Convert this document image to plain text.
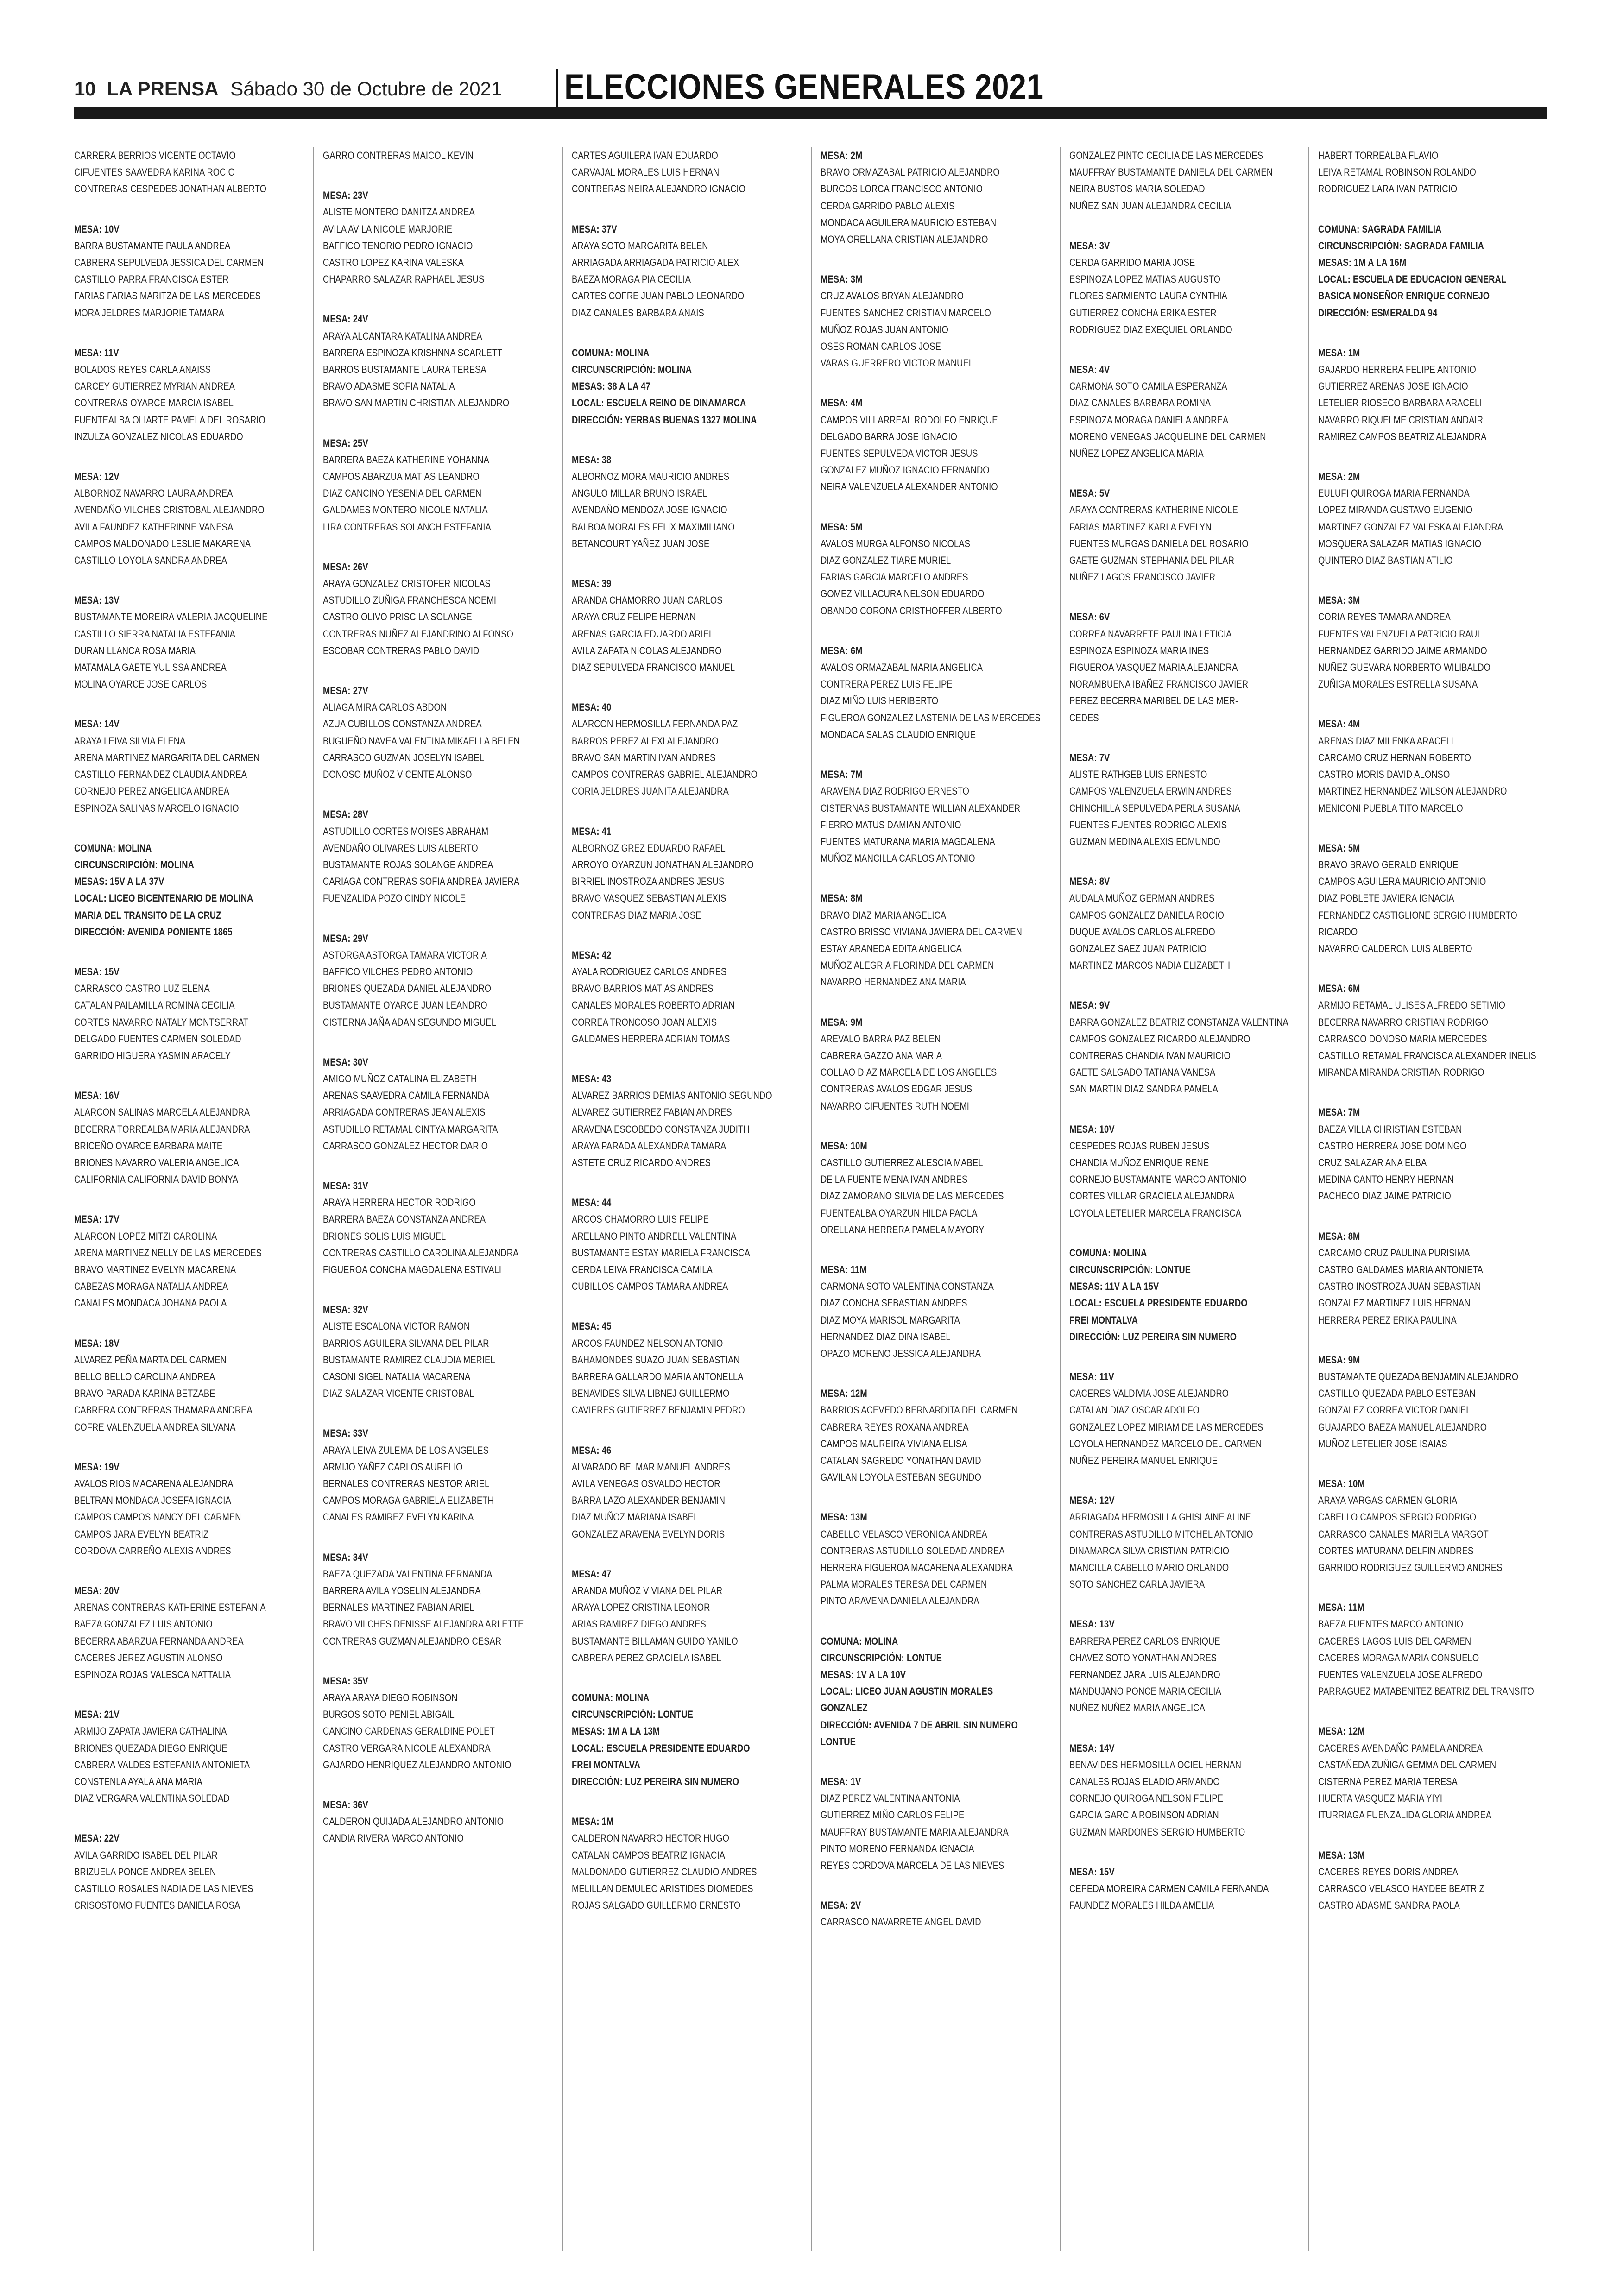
10 LA PRENSA Sábado 30 de Octubre de 2021 ELECCIONES GENERALES 2021
CARRERA BERRIOS VICENTE OCTAVIO
CIFUENTES SAAVEDRA KARINA ROCIO
CONTRERAS CESPEDES JONATHAN ALBERTO
MESA: 10V
BARRA BUSTAMANTE PAULA ANDREA
CABRERA SEPULVEDA JESSICA DEL CARMEN
CASTILLO PARRA FRANCISCA ESTER
FARIAS FARIAS MARITZA DE LAS MERCEDES
MORA JELDRES MARJORIE TAMARA
MESA: 11V
BOLADOS REYES CARLA ANAISS
CARCEY GUTIERREZ MYRIAN ANDREA
CONTRERAS OYARCE MARCIA ISABEL
FUENTEALBA OLIARTE PAMELA DEL ROSARIO
INZULZA GONZALEZ NICOLAS EDUARDO
MESA: 12V
ALBORNOZ NAVARRO LAURA ANDREA
AVENDAÑO VILCHES CRISTOBAL ALEJANDRO
AVILA FAUNDEZ KATHERINNE VANESA
CAMPOS MALDONADO LESLIE MAKARENA
CASTILLO LOYOLA SANDRA ANDREA
MESA: 13V
BUSTAMANTE MOREIRA VALERIA JACQUELINE
CASTILLO SIERRA NATALIA ESTEFANIA
DURAN LLANCA ROSA MARIA
MATAMALA GAETE YULISSA ANDREA
MOLINA OYARCE JOSE CARLOS
MESA: 14V
ARAYA LEIVA SILVIA ELENA
ARENA MARTINEZ MARGARITA DEL CARMEN
CASTILLO FERNANDEZ CLAUDIA ANDREA
CORNEJO PEREZ ANGELICA ANDREA
ESPINOZA SALINAS MARCELO IGNACIO
COMUNA: MOLINA
CIRCUNSCRIPCIÓN: MOLINA
MESAS: 15V A LA 37V
LOCAL: LICEO BICENTENARIO DE MOLINA
MARIA DEL TRANSITO DE LA CRUZ
DIRECCIÓN: AVENIDA PONIENTE 1865
MESA: 15V
CARRASCO CASTRO LUZ ELENA
CATALAN PAILAMILLA ROMINA CECILIA
CORTES NAVARRO NATALY MONTSERRAT
DELGADO FUENTES CARMEN SOLEDAD
GARRIDO HIGUERA YASMIN ARACELY
MESA: 16V
ALARCON SALINAS MARCELA ALEJANDRA
BECERRA TORREALBA MARIA ALEJANDRA
BRICEÑO OYARCE BARBARA MAITE
BRIONES NAVARRO VALERIA ANGELICA
CALIFORNIA CALIFORNIA DAVID BONYA
MESA: 17V
ALARCON LOPEZ MITZI CAROLINA
ARENA MARTINEZ NELLY DE LAS MERCEDES
BRAVO MARTINEZ EVELYN MACARENA
CABEZAS MORAGA NATALIA ANDREA
CANALES MONDACA JOHANA PAOLA
MESA: 18V
ALVAREZ PEÑA MARTA DEL CARMEN
BELLO BELLO CAROLINA ANDREA
BRAVO PARADA KARINA BETZABE
CABRERA CONTRERAS THAMARA ANDREA
COFRE VALENZUELA ANDREA SILVANA
MESA: 19V
AVALOS RIOS MACARENA ALEJANDRA
BELTRAN MONDACA JOSEFA IGNACIA
CAMPOS CAMPOS NANCY DEL CARMEN
CAMPOS JARA EVELYN BEATRIZ
CORDOVA CARREÑO ALEXIS ANDRES
MESA: 20V
ARENAS CONTRERAS KATHERINE ESTEFANIA
BAEZA GONZALEZ LUIS ANTONIO
BECERRA ABARZUA FERNANDA ANDREA
CACERES JEREZ AGUSTIN ALONSO
ESPINOZA ROJAS VALESCA NATTALIA
MESA: 21V
ARMIJO ZAPATA JAVIERA CATHALINA
BRIONES QUEZADA DIEGO ENRIQUE
CABRERA VALDES ESTEFANIA ANTONIETA
CONSTENLA AYALA ANA MARIA
DIAZ VERGARA VALENTINA SOLEDAD
MESA: 22V
AVILA GARRIDO ISABEL DEL PILAR
BRIZUELA PONCE ANDREA BELEN
CASTILLO ROSALES NADIA DE LAS NIEVES
CRISOSTOMO FUENTES DANIELA ROSA
GARRO CONTRERAS MAICOL KEVIN
MESA: 23V
ALISTE MONTERO DANITZA ANDREA
AVILA AVILA NICOLE MARJORIE
BAFFICO TENORIO PEDRO IGNACIO
CASTRO LOPEZ KARINA VALESKA
CHAPARRO SALAZAR RAPHAEL JESUS
MESA: 24V
ARAYA ALCANTARA KATALINA ANDREA
BARRERA ESPINOZA KRISHNNA SCARLETT
BARROS BUSTAMANTE LAURA TERESA
BRAVO ADASME SOFIA NATALIA
BRAVO SAN MARTIN CHRISTIAN ALEJANDRO
MESA: 25V
BARRERA BAEZA KATHERINE YOHANNA
CAMPOS ABARZUA MATIAS LEANDRO
DIAZ CANCINO YESENIA DEL CARMEN
GALDAMES MONTERO NICOLE NATALIA
LIRA CONTRERAS SOLANCH ESTEFANIA
MESA: 26V
ARAYA GONZALEZ CRISTOFER NICOLAS
ASTUDILLO ZUÑIGA FRANCHESCA NOEMI
CASTRO OLIVO PRISCILA SOLANGE
CONTRERAS NUÑEZ ALEJANDRINO ALFONSO
ESCOBAR CONTRERAS PABLO DAVID
MESA: 27V
ALIAGA MIRA CARLOS ABDON
AZUA CUBILLOS CONSTANZA ANDREA
BUGUEÑO NAVEA VALENTINA MIKAELLA BELEN
CARRASCO GUZMAN JOSELYN ISABEL
DONOSO MUÑOZ VICENTE ALONSO
MESA: 28V
ASTUDILLO CORTES MOISES ABRAHAM
AVENDAÑO OLIVARES LUIS ALBERTO
BUSTAMANTE ROJAS SOLANGE ANDREA
CARIAGA CONTRERAS SOFIA ANDREA JAVIERA
FUENZALIDA POZO CINDY NICOLE
MESA: 29V
ASTORGA ASTORGA TAMARA VICTORIA
BAFFICO VILCHES PEDRO ANTONIO
BRIONES QUEZADA DANIEL ALEJANDRO
BUSTAMANTE OYARCE JUAN LEANDRO
CISTERNA JAÑA ADAN SEGUNDO MIGUEL
MESA: 30V
AMIGO MUÑOZ CATALINA ELIZABETH
ARENAS SAAVEDRA CAMILA FERNANDA
ARRIAGADA CONTRERAS JEAN ALEXIS
ASTUDILLO RETAMAL CINTYA MARGARITA
CARRASCO GONZALEZ HECTOR DARIO
MESA: 31V
ARAYA HERRERA HECTOR RODRIGO
BARRERA BAEZA CONSTANZA ANDREA
BRIONES SOLIS LUIS MIGUEL
CONTRERAS CASTILLO CAROLINA ALEJANDRA
FIGUEROA CONCHA MAGDALENA ESTIVALI
MESA: 32V
ALISTE ESCALONA VICTOR RAMON
BARRIOS AGUILERA SILVANA DEL PILAR
BUSTAMANTE RAMIREZ CLAUDIA MERIEL
CASONI SIGEL NATALIA MACARENA
DIAZ SALAZAR VICENTE CRISTOBAL
MESA: 33V
ARAYA LEIVA ZULEMA DE LOS ANGELES
ARMIJO YAÑEZ CARLOS AURELIO
BERNALES CONTRERAS NESTOR ARIEL
CAMPOS MORAGA GABRIELA ELIZABETH
CANALES RAMIREZ EVELYN KARINA
MESA: 34V
BAEZA QUEZADA VALENTINA FERNANDA
BARRERA AVILA YOSELIN ALEJANDRA
BERNALES MARTINEZ FABIAN ARIEL
BRAVO VILCHES DENISSE ALEJANDRA ARLETTE
CONTRERAS GUZMAN ALEJANDRO CESAR
MESA: 35V
ARAYA ARAYA DIEGO ROBINSON
BURGOS SOTO PENIEL ABIGAIL
CANCINO CARDENAS GERALDINE POLET
CASTRO VERGARA NICOLE ALEXANDRA
GAJARDO HENRIQUEZ ALEJANDRO ANTONIO
MESA: 36V
CALDERON QUIJADA ALEJANDRO ANTONIO
CANDIA RIVERA MARCO ANTONIO
CARTES AGUILERA IVAN EDUARDO
CARVAJAL MORALES LUIS HERNAN
CONTRERAS NEIRA ALEJANDRO IGNACIO
MESA: 37V
ARAYA SOTO MARGARITA BELEN
ARRIAGADA ARRIAGADA PATRICIO ALEX
BAEZA MORAGA PIA CECILIA
CARTES COFRE JUAN PABLO LEONARDO
DIAZ CANALES BARBARA ANAIS
COMUNA: MOLINA
CIRCUNSCRIPCIÓN: MOLINA
MESAS: 38 A LA 47
LOCAL: ESCUELA REINO DE DINAMARCA
DIRECCIÓN: YERBAS BUENAS 1327 MOLINA
MESA: 38
ALBORNOZ MORA MAURICIO ANDRES
ANGULO MILLAR BRUNO ISRAEL
AVENDAÑO MENDOZA JOSE IGNACIO
BALBOA MORALES FELIX MAXIMILIANO
BETANCOURT YAÑEZ JUAN JOSE
MESA: 39
ARANDA CHAMORRO JUAN CARLOS
ARAYA CRUZ FELIPE HERNAN
ARENAS GARCIA EDUARDO ARIEL
AVILA ZAPATA NICOLAS ALEJANDRO
DIAZ SEPULVEDA FRANCISCO MANUEL
MESA: 40
ALARCON HERMOSILLA FERNANDA PAZ
BARROS PEREZ ALEXI ALEJANDRO
BRAVO SAN MARTIN IVAN ANDRES
CAMPOS CONTRERAS GABRIEL ALEJANDRO
CORIA JELDRES JUANITA ALEJANDRA
MESA: 41
ALBORNOZ GREZ EDUARDO RAFAEL
ARROYO OYARZUN JONATHAN ALEJANDRO
BIRRIEL INOSTROZA ANDRES JESUS
BRAVO VASQUEZ SEBASTIAN ALEXIS
CONTRERAS DIAZ MARIA JOSE
MESA: 42
AYALA RODRIGUEZ CARLOS ANDRES
BRAVO BARRIOS MATIAS ANDRES
CANALES MORALES ROBERTO ADRIAN
CORREA TRONCOSO JOAN ALEXIS
GALDAMES HERRERA ADRIAN TOMAS
MESA: 43
ALVAREZ BARRIOS DEMIAS ANTONIO SEGUNDO
ALVAREZ GUTIERREZ FABIAN ANDRES
ARAVENA ESCOBEDO CONSTANZA JUDITH
ARAYA PARADA ALEXANDRA TAMARA
ASTETE CRUZ RICARDO ANDRES
MESA: 44
ARCOS CHAMORRO LUIS FELIPE
ARELLANO PINTO ANDRELL VALENTINA
BUSTAMANTE ESTAY MARIELA FRANCISCA
CERDA LEIVA FRANCISCA CAMILA
CUBILLOS CAMPOS TAMARA ANDREA
MESA: 45
ARCOS FAUNDEZ NELSON ANTONIO
BAHAMONDES SUAZO JUAN SEBASTIAN
BARRERA GALLARDO MARIA ANTONELLA
BENAVIDES SILVA LIBNEJ GUILLERMO
CAVIERES GUTIERREZ BENJAMIN PEDRO
MESA: 46
ALVARADO BELMAR MANUEL ANDRES
AVILA VENEGAS OSVALDO HECTOR
BARRA LAZO ALEXANDER BENJAMIN
DIAZ MUÑOZ MARIANA ISABEL
GONZALEZ ARAVENA EVELYN DORIS
MESA: 47
ARANDA MUÑOZ VIVIANA DEL PILAR
ARAYA LOPEZ CRISTINA LEONOR
ARIAS RAMIREZ DIEGO ANDRES
BUSTAMANTE BILLAMAN GUIDO YANILO
CABRERA PEREZ GRACIELA ISABEL
COMUNA: MOLINA
CIRCUNSCRIPCIÓN: LONTUE
MESAS: 1M A LA 13M
LOCAL: ESCUELA PRESIDENTE EDUARDO
FREI MONTALVA
DIRECCIÓN: LUZ PEREIRA SIN NUMERO
MESA: 1M
CALDERON NAVARRO HECTOR HUGO
CATALAN CAMPOS BEATRIZ IGNACIA
MALDONADO GUTIERREZ CLAUDIO ANDRES
MELILLAN DEMULEO ARISTIDES DIOMEDES
ROJAS SALGADO GUILLERMO ERNESTO
MESA: 2M
BRAVO ORMAZABAL PATRICIO ALEJANDRO
BURGOS LORCA FRANCISCO ANTONIO
CERDA GARRIDO PABLO ALEXIS
MONDACA AGUILERA MAURICIO ESTEBAN
MOYA ORELLANA CRISTIAN ALEJANDRO
MESA: 3M
CRUZ AVALOS BRYAN ALEJANDRO
FUENTES SANCHEZ CRISTIAN MARCELO
MUÑOZ ROJAS JUAN ANTONIO
OSES ROMAN CARLOS JOSE
VARAS GUERRERO VICTOR MANUEL
MESA: 4M
CAMPOS VILLARREAL RODOLFO ENRIQUE
DELGADO BARRA JOSE IGNACIO
FUENTES SEPULVEDA VICTOR JESUS
GONZALEZ MUÑOZ IGNACIO FERNANDO
NEIRA VALENZUELA ALEXANDER ANTONIO
MESA: 5M
AVALOS MURGA ALFONSO NICOLAS
DIAZ GONZALEZ TIARE MURIEL
FARIAS GARCIA MARCELO ANDRES
GOMEZ VILLACURA NELSON EDUARDO
OBANDO CORONA CRISTHOFFER ALBERTO
MESA: 6M
AVALOS ORMAZABAL MARIA ANGELICA
CONTRERA PEREZ LUIS FELIPE
DIAZ MIÑO LUIS HERIBERTO
FIGUEROA GONZALEZ LASTENIA DE LAS MERCEDES
MONDACA SALAS CLAUDIO ENRIQUE
MESA: 7M
ARAVENA DIAZ RODRIGO ERNESTO
CISTERNAS BUSTAMANTE WILLIAN ALEXANDER
FIERRO MATUS DAMIAN ANTONIO
FUENTES MATURANA MARIA MAGDALENA
MUÑOZ MANCILLA CARLOS ANTONIO
MESA: 8M
BRAVO DIAZ MARIA ANGELICA
CASTRO BRISSO VIVIANA JAVIERA DEL CARMEN
ESTAY ARANEDA EDITA ANGELICA
MUÑOZ ALEGRIA FLORINDA DEL CARMEN
NAVARRO HERNANDEZ ANA MARIA
MESA: 9M
AREVALO BARRA PAZ BELEN
CABRERA GAZZO ANA MARIA
COLLAO DIAZ MARCELA DE LOS ANGELES
CONTRERAS AVALOS EDGAR JESUS
NAVARRO CIFUENTES RUTH NOEMI
MESA: 10M
CASTILLO GUTIERREZ ALESCIA MABEL
DE LA FUENTE MENA IVAN ANDRES
DIAZ ZAMORANO SILVIA DE LAS MERCEDES
FUENTEALBA OYARZUN HILDA PAOLA
ORELLANA HERRERA PAMELA MAYORY
MESA: 11M
CARMONA SOTO VALENTINA CONSTANZA
DIAZ CONCHA SEBASTIAN ANDRES
DIAZ MOYA MARISOL MARGARITA
HERNANDEZ DIAZ DINA ISABEL
OPAZO MORENO JESSICA ALEJANDRA
MESA: 12M
BARRIOS ACEVEDO BERNARDITA DEL CARMEN
CABRERA REYES ROXANA ANDREA
CAMPOS MAUREIRA VIVIANA ELISA
CATALAN SAGREDO YONATHAN DAVID
GAVILAN LOYOLA ESTEBAN SEGUNDO
MESA: 13M
CABELLO VELASCO VERONICA ANDREA
CONTRERAS ASTUDILLO SOLEDAD ANDREA
HERRERA FIGUEROA MACARENA ALEXANDRA
PALMA MORALES TERESA DEL CARMEN
PINTO ARAVENA DANIELA ALEJANDRA
COMUNA: MOLINA
CIRCUNSCRIPCIÓN: LONTUE
MESAS: 1V A LA 10V
LOCAL: LICEO JUAN AGUSTIN MORALES
GONZALEZ
DIRECCIÓN: AVENIDA 7 DE ABRIL SIN NUMERO
LONTUE
MESA: 1V
DIAZ PEREZ VALENTINA ANTONIA
GUTIERREZ MIÑO CARLOS FELIPE
MAUFFRAY BUSTAMANTE MARIA ALEJANDRA
PINTO MORENO FERNANDA IGNACIA
REYES CORDOVA MARCELA DE LAS NIEVES
MESA: 2V
CARRASCO NAVARRETE ANGEL DAVID
GONZALEZ PINTO CECILIA DE LAS MERCEDES
MAUFFRAY BUSTAMANTE DANIELA DEL CARMEN
NEIRA BUSTOS MARIA SOLEDAD
NUÑEZ SAN JUAN ALEJANDRA CECILIA
MESA: 3V
CERDA GARRIDO MARIA JOSE
ESPINOZA LOPEZ MATIAS AUGUSTO
FLORES SARMIENTO LAURA CYNTHIA
GUTIERREZ CONCHA ERIKA ESTER
RODRIGUEZ DIAZ EXEQUIEL ORLANDO
MESA: 4V
CARMONA SOTO CAMILA ESPERANZA
DIAZ CANALES BARBARA ROMINA
ESPINOZA MORAGA DANIELA ANDREA
MORENO VENEGAS JACQUELINE DEL CARMEN
NUÑEZ LOPEZ ANGELICA MARIA
MESA: 5V
ARAYA CONTRERAS KATHERINE NICOLE
FARIAS MARTINEZ KARLA EVELYN
FUENTES MURGAS DANIELA DEL ROSARIO
GAETE GUZMAN STEPHANIA DEL PILAR
NUÑEZ LAGOS FRANCISCO JAVIER
MESA: 6V
CORREA NAVARRETE PAULINA LETICIA
ESPINOZA ESPINOZA MARIA INES
FIGUEROA VASQUEZ MARIA ALEJANDRA
NORAMBUENA IBAÑEZ FRANCISCO JAVIER
PEREZ BECERRA MARIBEL DE LAS MER-
CEDES
MESA: 7V
ALISTE RATHGEB LUIS ERNESTO
CAMPOS VALENZUELA ERWIN ANDRES
CHINCHILLA SEPULVEDA PERLA SUSANA
FUENTES FUENTES RODRIGO ALEXIS
GUZMAN MEDINA ALEXIS EDMUNDO
MESA: 8V
AUDALA MUÑOZ GERMAN ANDRES
CAMPOS GONZALEZ DANIELA ROCIO
DUQUE AVALOS CARLOS ALFREDO
GONZALEZ SAEZ JUAN PATRICIO
MARTINEZ MARCOS NADIA ELIZABETH
MESA: 9V
BARRA GONZALEZ BEATRIZ CONSTANZA VALENTINA
CAMPOS GONZALEZ RICARDO ALEJANDRO
CONTRERAS CHANDIA IVAN MAURICIO
GAETE SALGADO TATIANA VANESA
SAN MARTIN DIAZ SANDRA PAMELA
MESA: 10V
CESPEDES ROJAS RUBEN JESUS
CHANDIA MUÑOZ ENRIQUE RENE
CORNEJO BUSTAMANTE MARCO ANTONIO
CORTES VILLAR GRACIELA ALEJANDRA
LOYOLA LETELIER MARCELA FRANCISCA
COMUNA: MOLINA
CIRCUNSCRIPCIÓN: LONTUE
MESAS: 11V A LA 15V
LOCAL: ESCUELA PRESIDENTE EDUARDO
FREI MONTALVA
DIRECCIÓN: LUZ PEREIRA SIN NUMERO
MESA: 11V
CACERES VALDIVIA JOSE ALEJANDRO
CATALAN DIAZ OSCAR ADOLFO
GONZALEZ LOPEZ MIRIAM DE LAS MERCEDES
LOYOLA HERNANDEZ MARCELO DEL CARMEN
NUÑEZ PEREIRA MANUEL ENRIQUE
MESA: 12V
ARRIAGADA HERMOSILLA GHISLAINE ALINE
CONTRERAS ASTUDILLO MITCHEL ANTONIO
DINAMARCA SILVA CRISTIAN PATRICIO
MANCILLA CABELLO MARIO ORLANDO
SOTO SANCHEZ CARLA JAVIERA
MESA: 13V
BARRERA PEREZ CARLOS ENRIQUE
CHAVEZ SOTO YONATHAN ANDRES
FERNANDEZ JARA LUIS ALEJANDRO
MANDUJANO PONCE MARIA CECILIA
NUÑEZ NUÑEZ MARIA ANGELICA
MESA: 14V
BENAVIDES HERMOSILLA OCIEL HERNAN
CANALES ROJAS ELADIO ARMANDO
CORNEJO QUIROGA NELSON FELIPE
GARCIA GARCIA ROBINSON ADRIAN
GUZMAN MARDONES SERGIO HUMBERTO
MESA: 15V
CEPEDA MOREIRA CARMEN CAMILA FERNANDA
FAUNDEZ MORALES HILDA AMELIA
HABERT TORREALBA FLAVIO
LEIVA RETAMAL ROBINSON ROLANDO
RODRIGUEZ LARA IVAN PATRICIO
COMUNA: SAGRADA FAMILIA
CIRCUNSCRIPCIÓN: SAGRADA FAMILIA
MESAS: 1M A LA 16M
LOCAL: ESCUELA DE EDUCACION GENERAL
BASICA MONSEÑOR ENRIQUE CORNEJO
DIRECCIÓN: ESMERALDA 94
MESA: 1M
GAJARDO HERRERA FELIPE ANTONIO
GUTIERREZ ARENAS JOSE IGNACIO
LETELIER RIOSECO BARBARA ARACELI
NAVARRO RIQUELME CRISTIAN ANDAIR
RAMIREZ CAMPOS BEATRIZ ALEJANDRA
MESA: 2M
EULUFI QUIROGA MARIA FERNANDA
LOPEZ MIRANDA GUSTAVO EUGENIO
MARTINEZ GONZALEZ VALESKA ALEJANDRA
MOSQUERA SALAZAR MATIAS IGNACIO
QUINTERO DIAZ BASTIAN ATILIO
MESA: 3M
CORIA REYES TAMARA ANDREA
FUENTES VALENZUELA PATRICIO RAUL
HERNANDEZ GARRIDO JAIME ARMANDO
NUÑEZ GUEVARA NORBERTO WILIBALDO
ZUÑIGA MORALES ESTRELLA SUSANA
MESA: 4M
ARENAS DIAZ MILENKA ARACELI
CARCAMO CRUZ HERNAN ROBERTO
CASTRO MORIS DAVID ALONSO
MARTINEZ HERNANDEZ WILSON ALEJANDRO
MENICONI PUEBLA TITO MARCELO
MESA: 5M
BRAVO BRAVO GERALD ENRIQUE
CAMPOS AGUILERA MAURICIO ANTONIO
DIAZ POBLETE JAVIERA IGNACIA
FERNANDEZ CASTIGLIONE SERGIO HUMBERTO
RICARDO
NAVARRO CALDERON LUIS ALBERTO
MESA: 6M
ARMIJO RETAMAL ULISES ALFREDO SETIMIO
BECERRA NAVARRO CRISTIAN RODRIGO
CARRASCO DONOSO MARIA MERCEDES
CASTILLO RETAMAL FRANCISCA ALEXANDER INELIS
MIRANDA MIRANDA CRISTIAN RODRIGO
MESA: 7M
BAEZA VILLA CHRISTIAN ESTEBAN
CASTRO HERRERA JOSE DOMINGO
CRUZ SALAZAR ANA ELBA
MEDINA CANTO HENRY HERNAN
PACHECO DIAZ JAIME PATRICIO
MESA: 8M
CARCAMO CRUZ PAULINA PURISIMA
CASTRO GALDAMES MARIA ANTONIETA
CASTRO INOSTROZA JUAN SEBASTIAN
GONZALEZ MARTINEZ LUIS HERNAN
HERRERA PEREZ ERIKA PAULINA
MESA: 9M
BUSTAMANTE QUEZADA BENJAMIN ALEJANDRO
CASTILLO QUEZADA PABLO ESTEBAN
GONZALEZ CORREA VICTOR DANIEL
GUAJARDO BAEZA MANUEL ALEJANDRO
MUÑOZ LETELIER JOSE ISAIAS
MESA: 10M
ARAYA VARGAS CARMEN GLORIA
CABELLO CAMPOS SERGIO RODRIGO
CARRASCO CANALES MARIELA MARGOT
CORTES MATURANA DELFIN ANDRES
GARRIDO RODRIGUEZ GUILLERMO ANDRES
MESA: 11M
BAEZA FUENTES MARCO ANTONIO
CACERES LAGOS LUIS DEL CARMEN
CACERES MORAGA MARIA CONSUELO
FUENTES VALENZUELA JOSE ALFREDO
PARRAGUEZ MATABENITEZ BEATRIZ DEL TRANSITO
MESA: 12M
CACERES AVENDAÑO PAMELA ANDREA
CASTAÑEDA ZUÑIGA GEMMA DEL CARMEN
CISTERNA PEREZ MARIA TERESA
HUERTA VASQUEZ MARIA YIYI
ITURRIAGA FUENZALIDA GLORIA ANDREA
MESA: 13M
CACERES REYES DORIS ANDREA
CARRASCO VELASCO HAYDEE BEATRIZ
CASTRO ADASME SANDRA PAOLA
